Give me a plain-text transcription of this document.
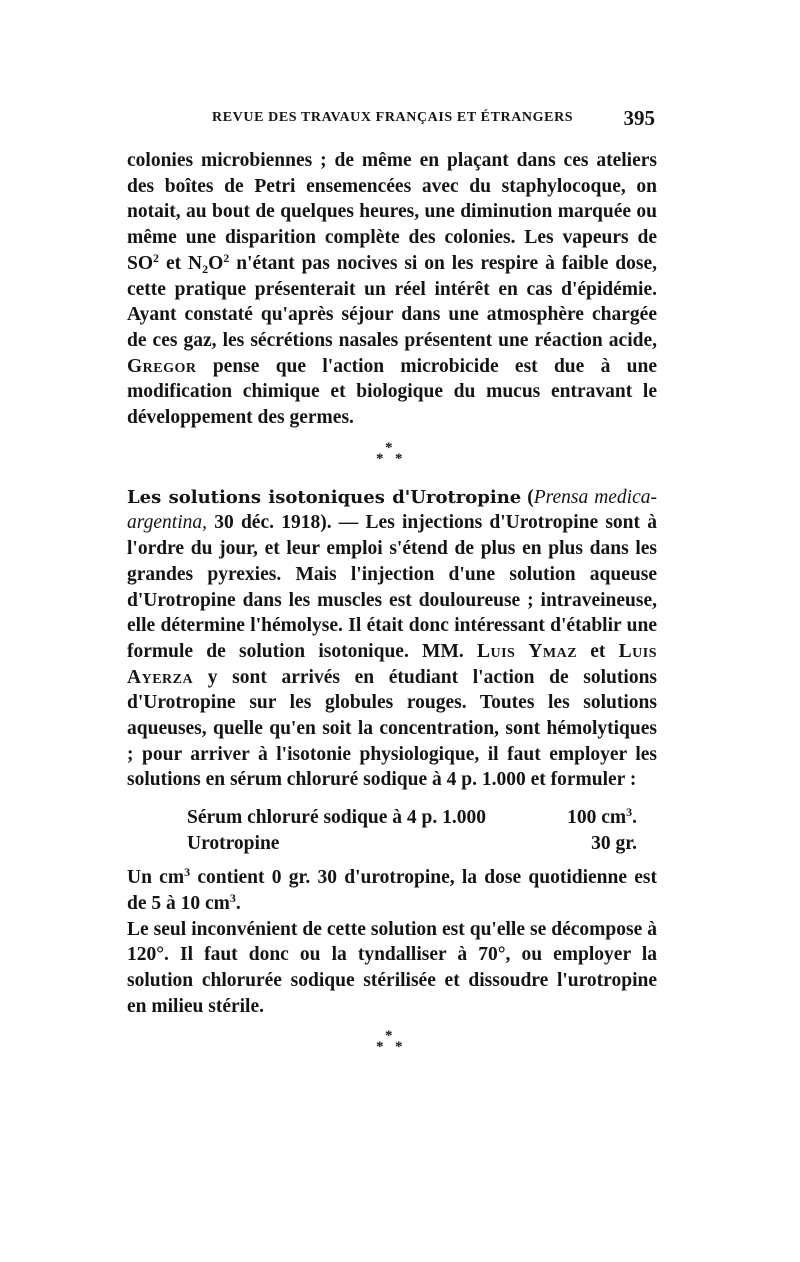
REVUE DES TRAVAUX FRANÇAIS ET ÉTRANGERS 395

colonies microbiennes ; de même en plaçant dans ces ateliers des boîtes de Petri ensemencées avec du staphylocoque, on notait, au bout de quelques heures, une diminution marquée ou même une disparition complète des colonies. Les vapeurs de $SO^2$ et $N_2O^2$ n'étant pas nocives si on les respire à faible dose, cette pratique présenterait un réel intérêt en cas d'épidémie. Ayant constaté qu'après séjour dans une atmosphère chargée de ces gaz, les sécrétions nasales présentent une réaction acide, Gregor pense que l'action microbicide est due à une modification chimique et biologique du mucus entravant le développement des germes.

*
* *

Les solutions isotoniques d'Urotropine (Prensa medica-argentina, 30 déc. 1918). — Les injections d'Urotropine sont à l'ordre du jour, et leur emploi s'étend de plus en plus dans les grandes pyrexies. Mais l'injection d'une solution aqueuse d'Urotropine dans les muscles est douloureuse ; intraveineuse, elle détermine l'hémolyse. Il était donc intéressant d'établir une formule de solution isotonique. MM. Luis Ymaz et Luis Ayerza y sont arrivés en étudiant l'action de solutions d'Urotropine sur les globules rouges. Toutes les solutions aqueuses, quelle qu'en soit la concentration, sont hémolytiques ; pour arriver à l'isotonie physiologique, il faut employer les solutions en sérum chloruré sodique à 4 p. 1.000 et formuler :

Sérum chloruré sodique à 4 p. 1.000	100 $cm^3$.
Urotropine	30 gr.

Un $cm^3$ contient 0 gr. 30 d'urotropine, la dose quotidienne est de 5 à 10 $cm^3$.

Le seul inconvénient de cette solution est qu'elle se décompose à 120°. Il faut donc ou la tyndalliser à 70°, ou employer la solution chlorurée sodique stérilisée et dissoudre l'urotropine en milieu stérile.

*
* *
